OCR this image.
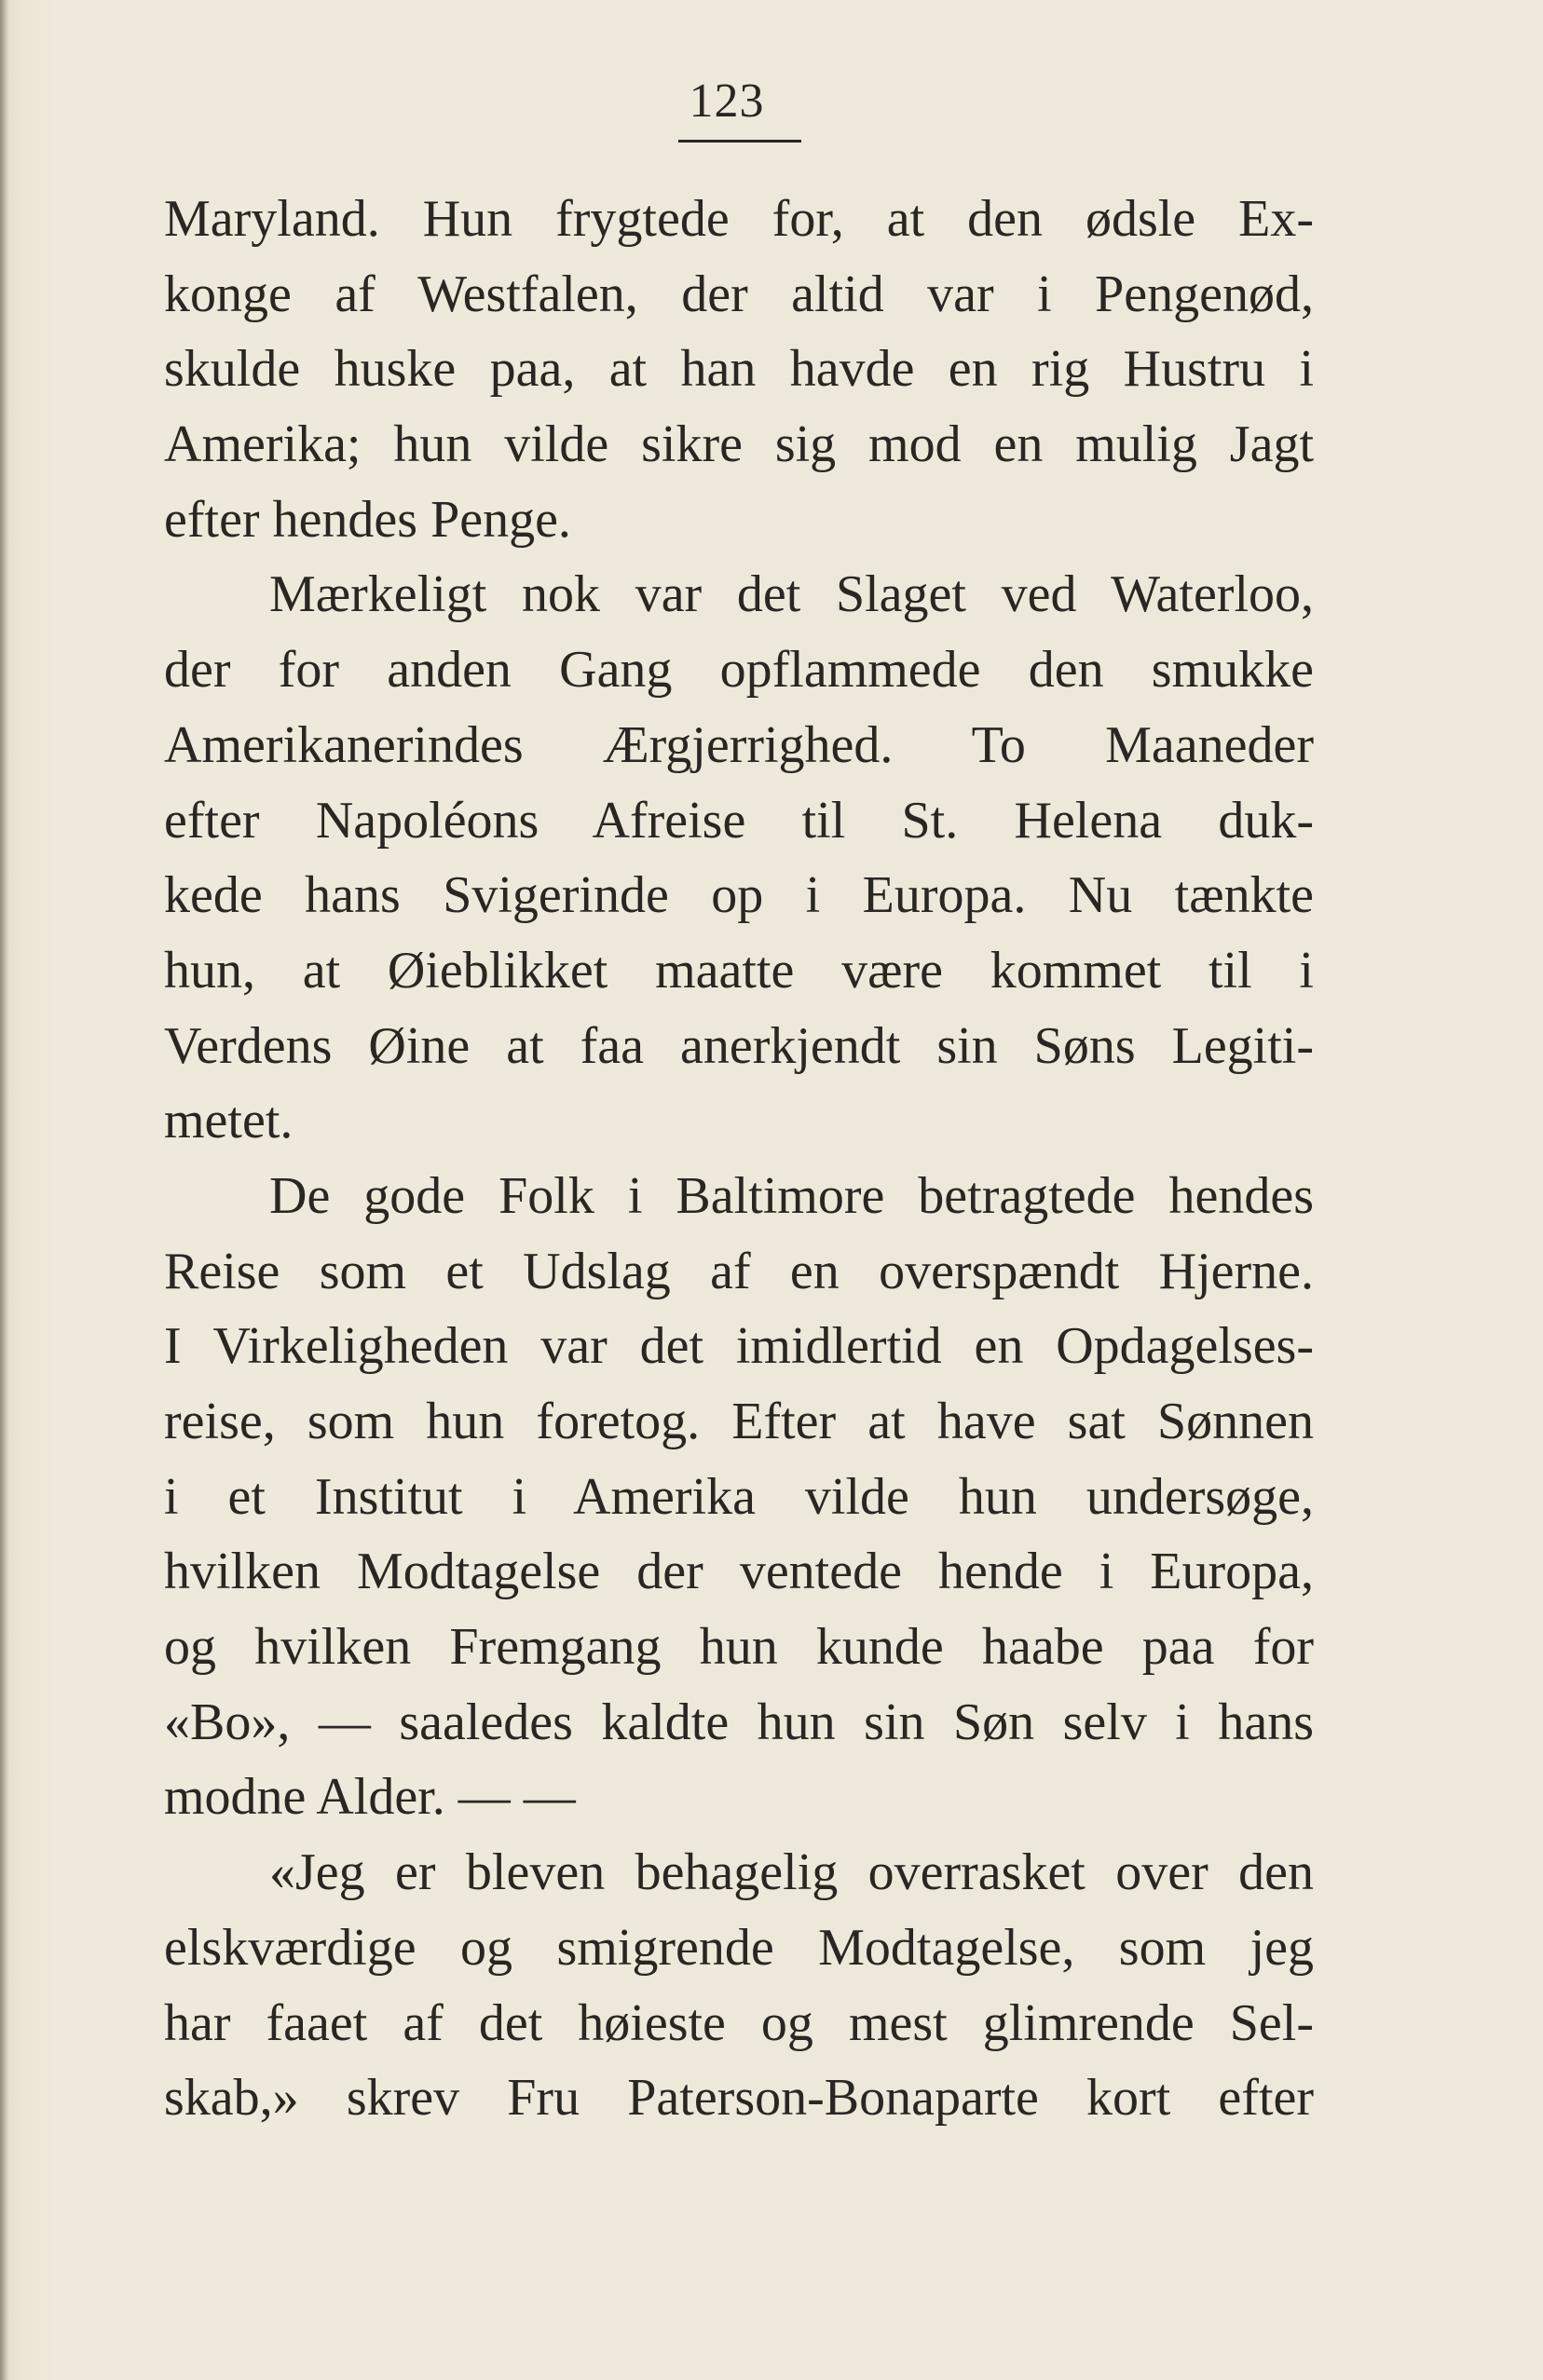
123
Maryland. Hun frygtede for, at den ødsle Ex-
konge af Westfalen, der altid var i Pengenød,
skulde huske paa, at han havde en rig Hustru i
Amerika; hun vilde sikre sig mod en mulig Jagt
efter hendes Penge.
Mærkeligt nok var det Slaget ved Waterloo,
der for anden Gang opflammede den smukke
Amerikanerindes Ærgjerrighed. To Maaneder
efter Napoléons Afreise til St. Helena duk-
kede hans Svigerinde op i Europa. Nu tænkte
hun, at Øieblikket maatte være kommet til i
Verdens Øine at faa anerkjendt sin Søns Legiti-
metet.
De gode Folk i Baltimore betragtede hendes
Reise som et Udslag af en overspændt Hjerne.
I Virkeligheden var det imidlertid en Opdagelses-
reise, som hun foretog. Efter at have sat Sønnen
i et Institut i Amerika vilde hun undersøge,
hvilken Modtagelse der ventede hende i Europa,
og hvilken Fremgang hun kunde haabe paa for
«Bo», — saaledes kaldte hun sin Søn selv i hans
modne Alder. — —
«Jeg er bleven behagelig overrasket over den
elskværdige og smigrende Modtagelse, som jeg
har faaet af det høieste og mest glimrende Sel-
skab,» skrev Fru Paterson-Bonaparte kort efter
